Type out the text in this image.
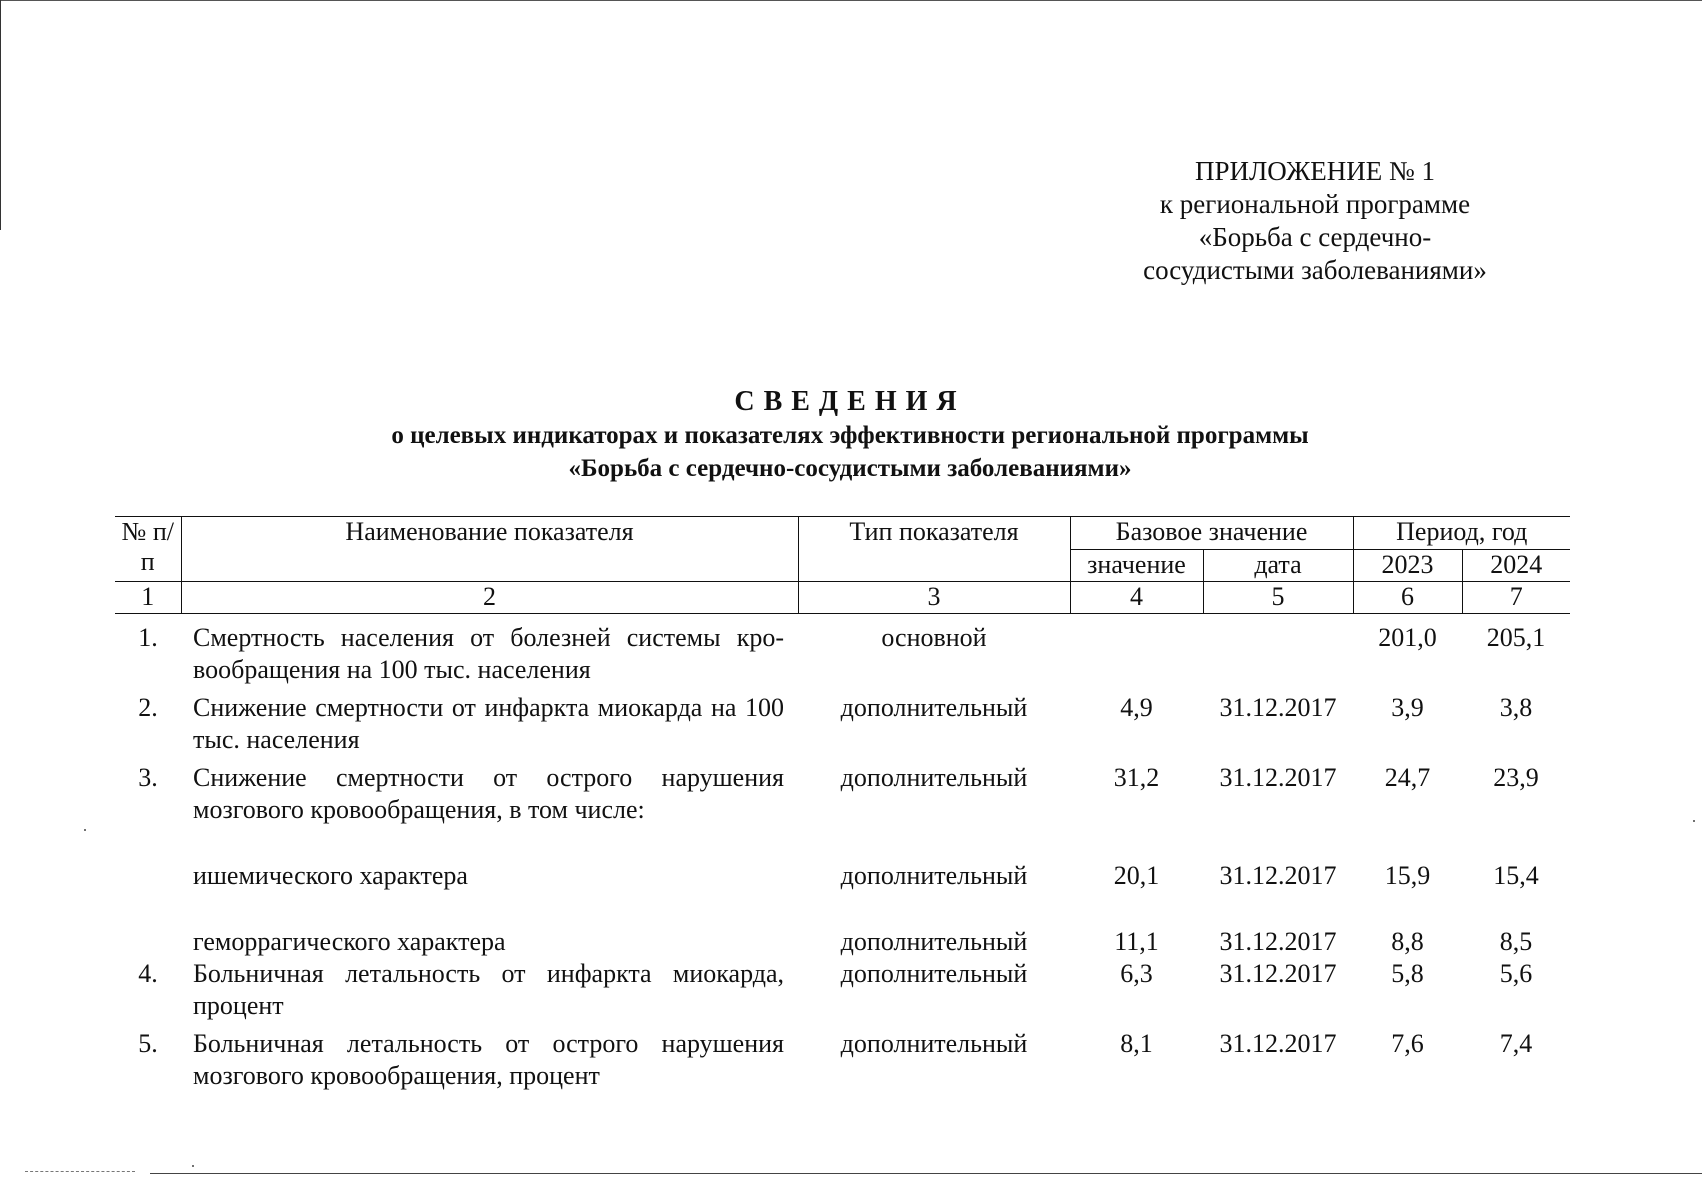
ПРИЛОЖЕНИЕ № 1
к региональной программе
«Борьба с сердечно-
сосудистыми заболеваниями»
СВЕДЕНИЯ
о целевых индикаторах и показателях эффективности региональной программы
«Борьба с сердечно-сосудистыми заболеваниями»
№ п/п	Наименование показателя	Тип показателя	Базовое значение		Период, год	
			значение	дата	2023	2024
1	2	3	4	5	6	7
1.	Смертность населения от болезней системы кро-вообращения на 100 тыс. населения	основной			201,0	205,1
2.	Снижение смертности от инфаркта миокарда на 100 тыс. населения	дополнительный	4,9	31.12.2017	3,9	3,8
3.	Снижение смертности от острого нарушения мозгового кровообращения, в том числе:	дополнительный	31,2	31.12.2017	24,7	23,9
	ишемического характера	дополнительный	20,1	31.12.2017	15,9	15,4
	геморрагического характера	дополнительный	11,1	31.12.2017	8,8	8,5
4.	Больничная летальность от инфаркта миокарда, процент	дополнительный	6,3	31.12.2017	5,8	5,6
5.	Больничная летальность от острого нарушения мозгового кровообращения, процент	дополнительный	8,1	31.12.2017	7,6	7,4
